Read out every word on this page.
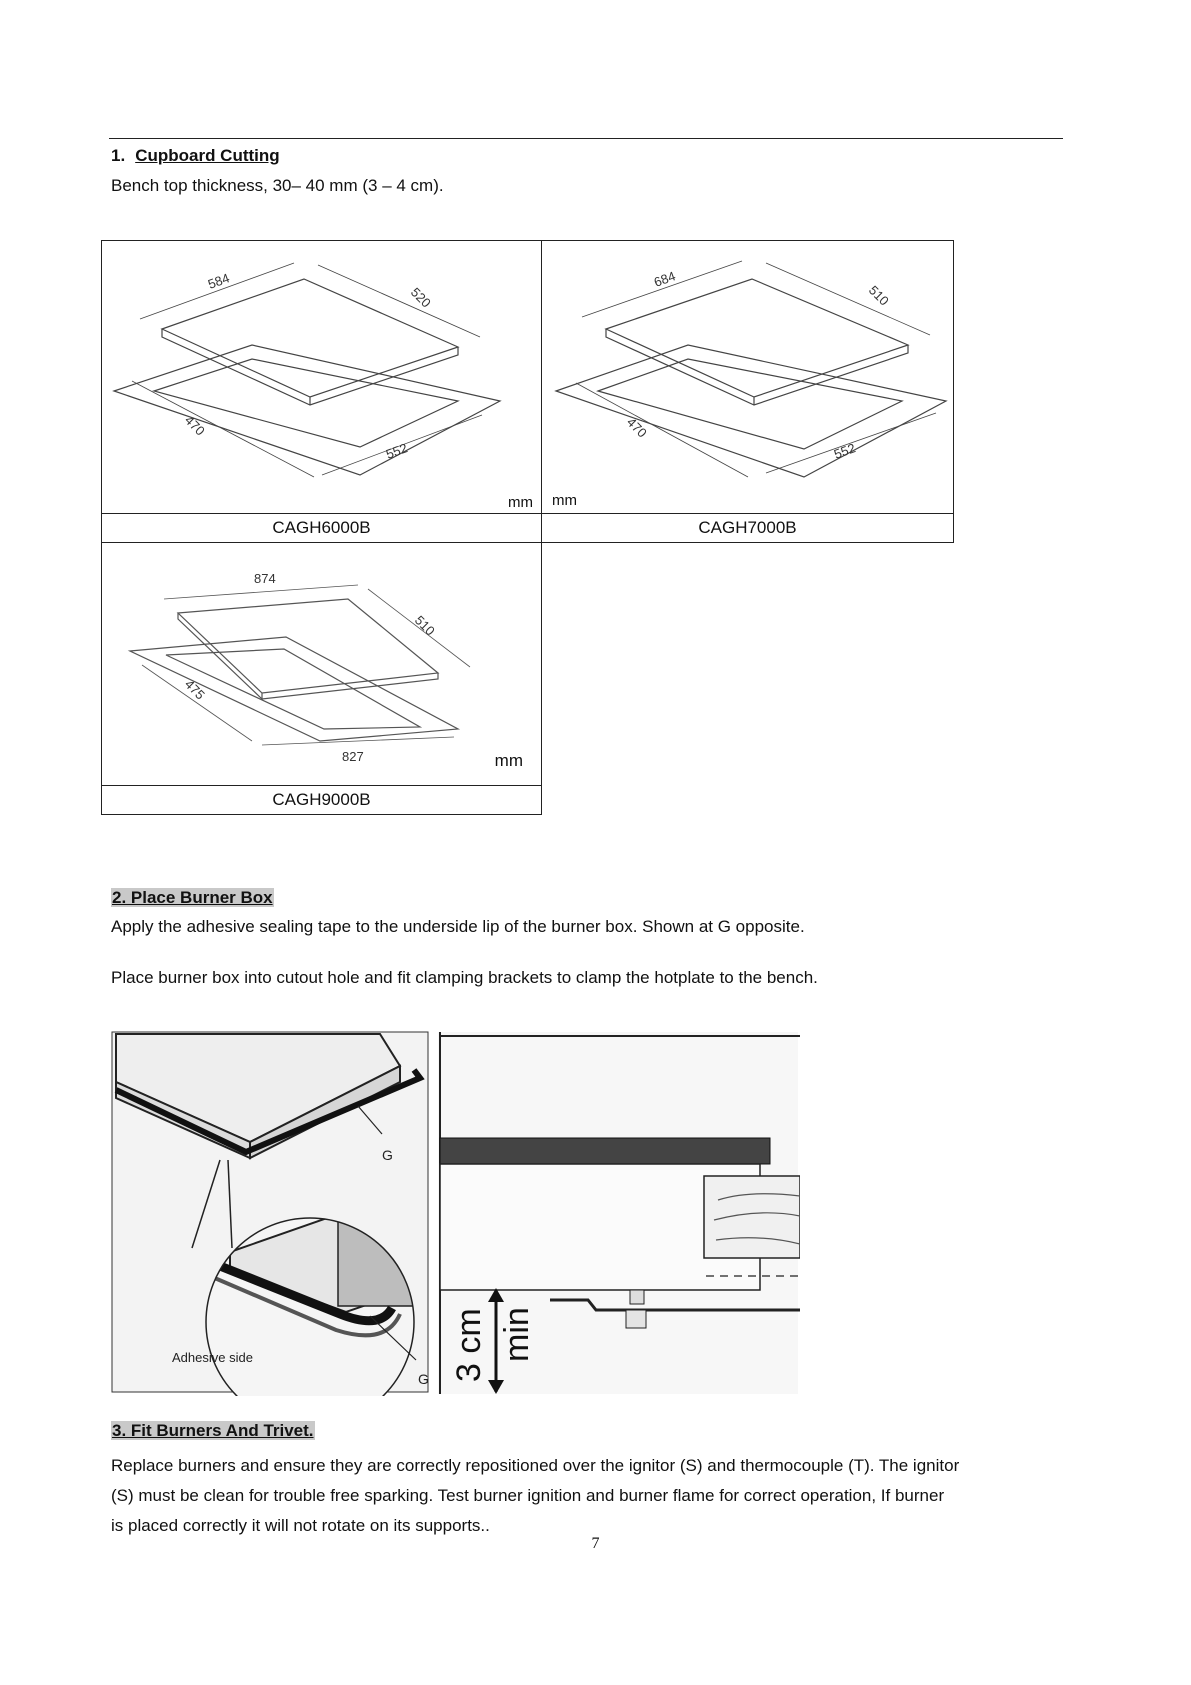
1. Cupboard Cutting
Bench top thickness, 30– 40 mm (3 – 4 cm).
584
520
470
552
mm
684
510
470
552
mm
CAGH6000B	CAGH7000B
874
510
475
827	mm
CAGH9000B
2. Place Burner Box
Apply the adhesive sealing tape to the underside lip of the burner box. Shown at G opposite.
Place burner box into cutout hole and fit clamping brackets to clamp the hotplate to the bench.
G
Adhesive side
G 3 cm min
3. Fit Burners And Trivet.
Replace burners and ensure they are correctly repositioned over the ignitor (S) and thermocouple (T). The ignitor
(S) must be clean for trouble free sparking. Test burner ignition and burner flame for correct operation, If burner
is placed correctly it will not rotate on its supports..
7
